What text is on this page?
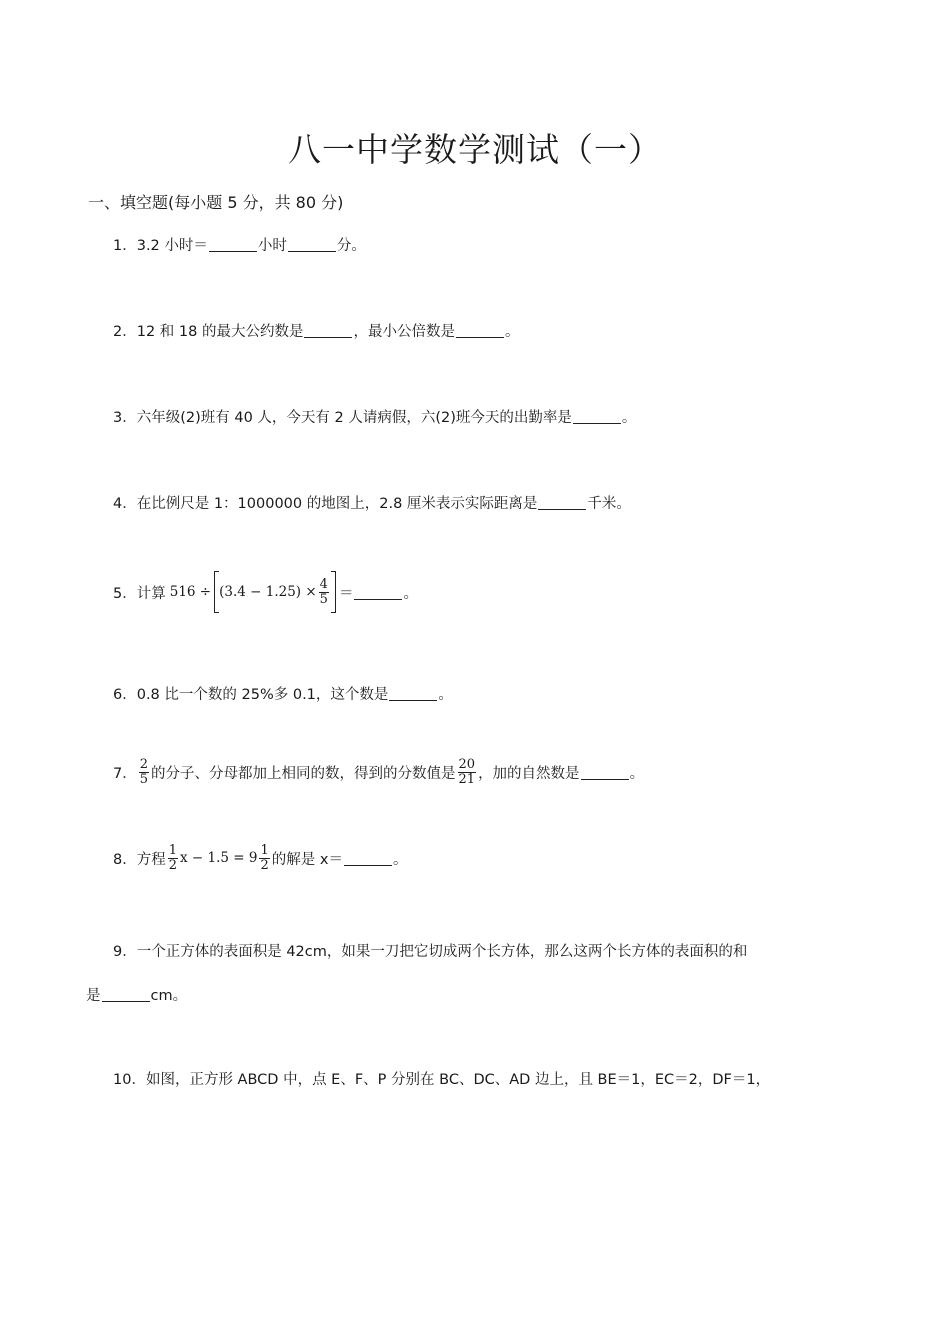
八一中学数学测试（一）
一、填空题(每小题 5 分，共 80 分)
1．3.2 小时＝	小时	分。
2．12 和 18 的最大公约数是	，最小公倍数是	。
3．六年级(2)班有 40 人，今天有 2 人请病假，六(2)班今天的出勤率是	。
4．在比例尺是 1：1000000 的地图上，2.8 厘米表示实际距离是	千米。
5．计算 $516 \div (3.4 - 1.25) \times \frac{4}{5}$ ＝	。
6．0.8 比一个数的 25%多 0.1，这个数是	。
7． $\frac{2}{5}$ 的分子、分母都加上相同的数，得到的分数值是 $\frac{20}{21}$ ，加的自然数是	。
8．方程 $\frac{1}{2}$ $x - 1.5 = 9 \frac{1}{2}$ 的解是 x＝	。
9．一个正方体的表面积是 42cm，如果一刀把它切成两个长方体，那么这两个长方体的表面积的和
是	cm。
10．如图，正方形 ABCD 中，点 E、F、P 分别在 BC、DC、AD 边上，且 BE＝1，EC＝2，DF＝1，
